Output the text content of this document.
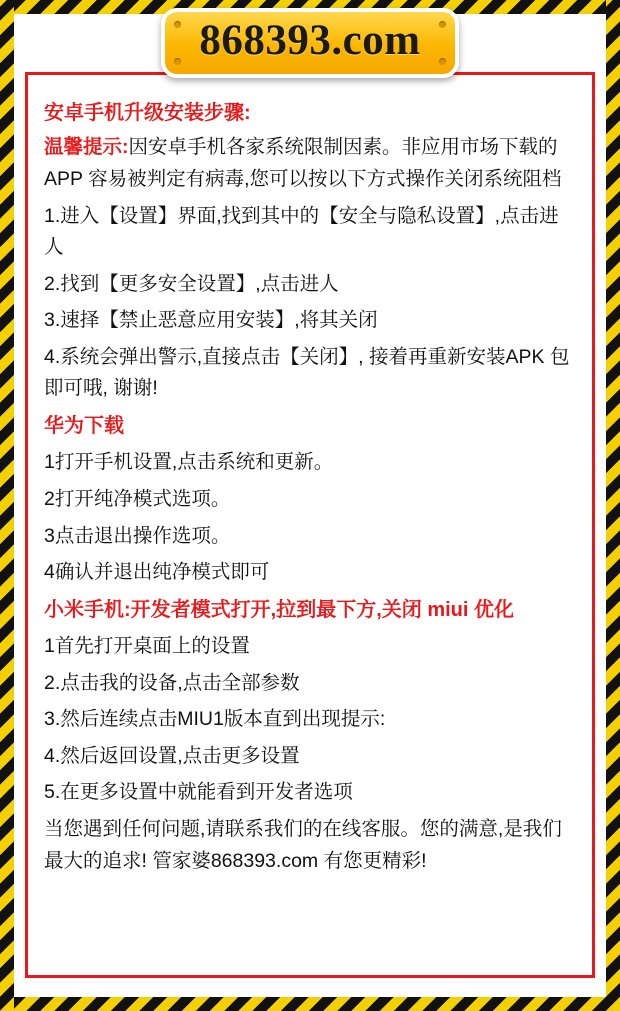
868393.com
安卓手机升级安装步骤:
温馨提示:因安卓手机各家系统限制因素。非应用市场下载的 APP 容易被判定有病毒,您可以按以下方式操作关闭系统阻档
1.进入【设置】界面,找到其中的【安全与隐私设置】,点击进人
2.找到【更多安全设置】,点击进人
3.速择【禁止恶意应用安装】,将其关闭
4.系统会弹出警示,直接点击【关闭】, 接着再重新安装APK 包即可哦, 谢谢!
华为下载
1打开手机设置,点击系统和更新。
2打开纯净模式选项。
3点击退出操作选项。
4确认并退出纯净模式即可
小米手机:开发者模式打开,拉到最下方,关闭 miui 优化
1首先打开桌面上的设置
2.点击我的设备,点击全部参数
3.然后连续点击MIU1版本直到出现提示:
4.然后返回设置,点击更多设置
5.在更多设置中就能看到开发者选项
当您遇到任何问题,请联系我们的在线客服。您的满意,是我们最大的追求! 管家婆868393.com 有您更精彩!
